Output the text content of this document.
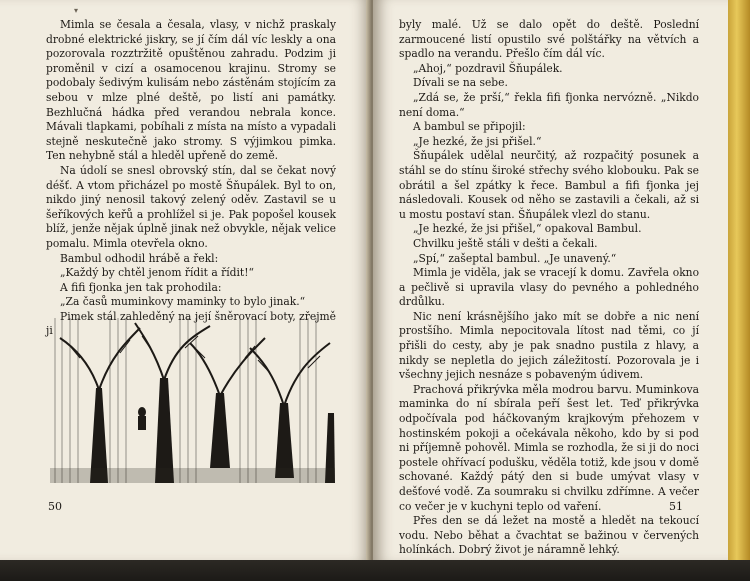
▾

Mimla se česala a česala, vlasy, v nichž praskaly drobné elektrické jiskry, se jí čím dál víc leskly a ona pozorovala rozztržitě opuštěnou zahradu. Podzim ji proměnil v cizí a osamocenou krajinu. Stromy se podobaly šedivým kulisám nebo zástěnám stojícím za sebou v mlze plné deště, po listí ani památky. Bezhlučná hádka před verandou nebrala konce. Mávali tlapkami, pobíhali z místa na místo a vypadali stejně neskutečně jako stromy. S výjimkou pimka. Ten nehybně stál a hleděl upřeně do země.

Na údolí se snesl obrovský stín, dal se čekat nový déšť. A vtom přicházel po mostě Šňupálek. Byl to on, nikdo jiný nenosil takový zelený oděv. Zastavil se u šeříkových keřů a prohlížel si je. Pak popošel kousek blíž, jenže nějak úplně jinak než obvykle, nějak velice pomalu. Mimla otevřela okno.

Bambul odhodil hrábě a řekl:

„Každý by chtěl jenom řídit a řídit!“

A fifi fjonka jen tak prohodila:

„Za časů muminkovy maminky to bylo jinak.“

Pimek stál zahleděný na její šněrovací boty, zřejmě ji

50

byly malé. Už se dalo opět do deště. Poslední zarmoucené listí opustilo své polštářky na větvích a spadlo na verandu. Přešlo čím dál víc.

„Ahoj,“ pozdravil Šňupálek.

Dívali se na sebe.

„Zdá se, že prší,“ řekla fifi fjonka nervózně. „Nikdo není doma.“

A bambul se připojil:

„Je hezké, že jsi přišel.“

Šňupálek udělal neurčitý, až rozpačitý posunek a stáhl se do stínu široké střechy svého klobouku. Pak se obrátil a šel zpátky k řece. Bambul a fifi fjonka jej následovali. Kousek od něho se zastavili a čekali, až si u mostu postaví stan. Šňupálek vlezl do stanu.

„Je hezké, že jsi přišel,“ opakoval Bambul.

Chvilku ještě stáli v dešti a čekali.

„Spí,“ zašeptal bambul. „Je unavený.“

Mimla je viděla, jak se vracejí k domu. Zavřela okno a pečlivě si upravila vlasy do pevného a pohledného drdůlku.

Nic není krásnějšího jako mít se dobře a nic není prostšího. Mimla nepocitovala lítost nad těmi, co jí přišli do cesty, aby je pak snadno pustila z hlavy, a nikdy se nepletla do jejich záležitostí. Pozorovala je i všechny jejich nesnáze s pobaveným údivem.

Prachová přikrývka měla modrou barvu. Muminkova maminka do ní sbírala peří šest let. Teď přikrývka odpočívala pod háčkovaným krajkovým přehozem v hostinském pokoji a očekávala někoho, kdo by si pod ni příjemně pohověl. Mimla se rozhodla, že si ji do noci postele ohřívací podušku, věděla totiž, kde jsou v domě schované. Každý pátý den si bude umývat vlasy v dešťové vodě. Za soumraku si chvilku zdřímne. A večer co večer je v kuchyni teplo od vaření.

Přes den se dá ležet na mostě a hledět na tekoucí vodu. Nebo běhat a čvachtat se bažinou v červených holínkách. Dobrý život je náramně lehký.

51
